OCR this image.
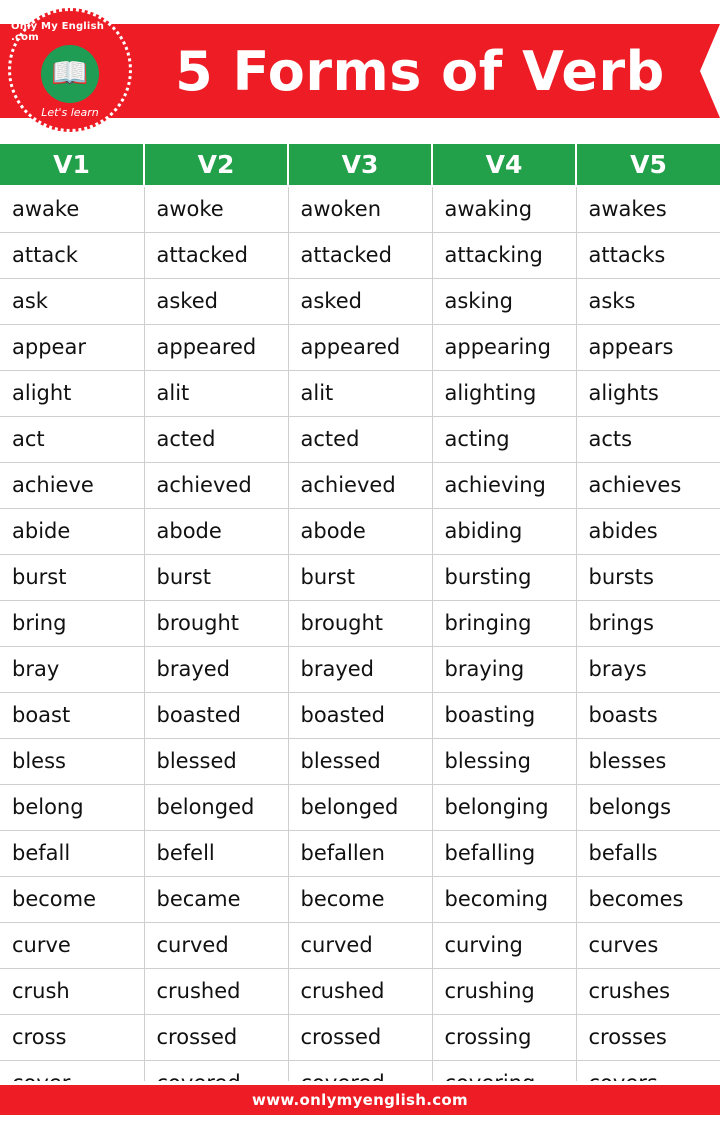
5 Forms of Verb
Only My English .com
📖
Let's learn
V1	V2	V3	V4	V5
awake	awoke	awoken	awaking	awakes
attack	attacked	attacked	attacking	attacks
ask	asked	asked	asking	asks
appear	appeared	appeared	appearing	appears
alight	alit	alit	alighting	alights
act	acted	acted	acting	acts
achieve	achieved	achieved	achieving	achieves
abide	abode	abode	abiding	abides
burst	burst	burst	bursting	bursts
bring	brought	brought	bringing	brings
bray	brayed	brayed	braying	brays
boast	boasted	boasted	boasting	boasts
bless	blessed	blessed	blessing	blesses
belong	belonged	belonged	belonging	belongs
befall	befell	befallen	befalling	befalls
become	became	become	becoming	becomes
curve	curved	curved	curving	curves
crush	crushed	crushed	crushing	crushes
cross	crossed	crossed	crossing	crosses

www.onlymyenglish.com
